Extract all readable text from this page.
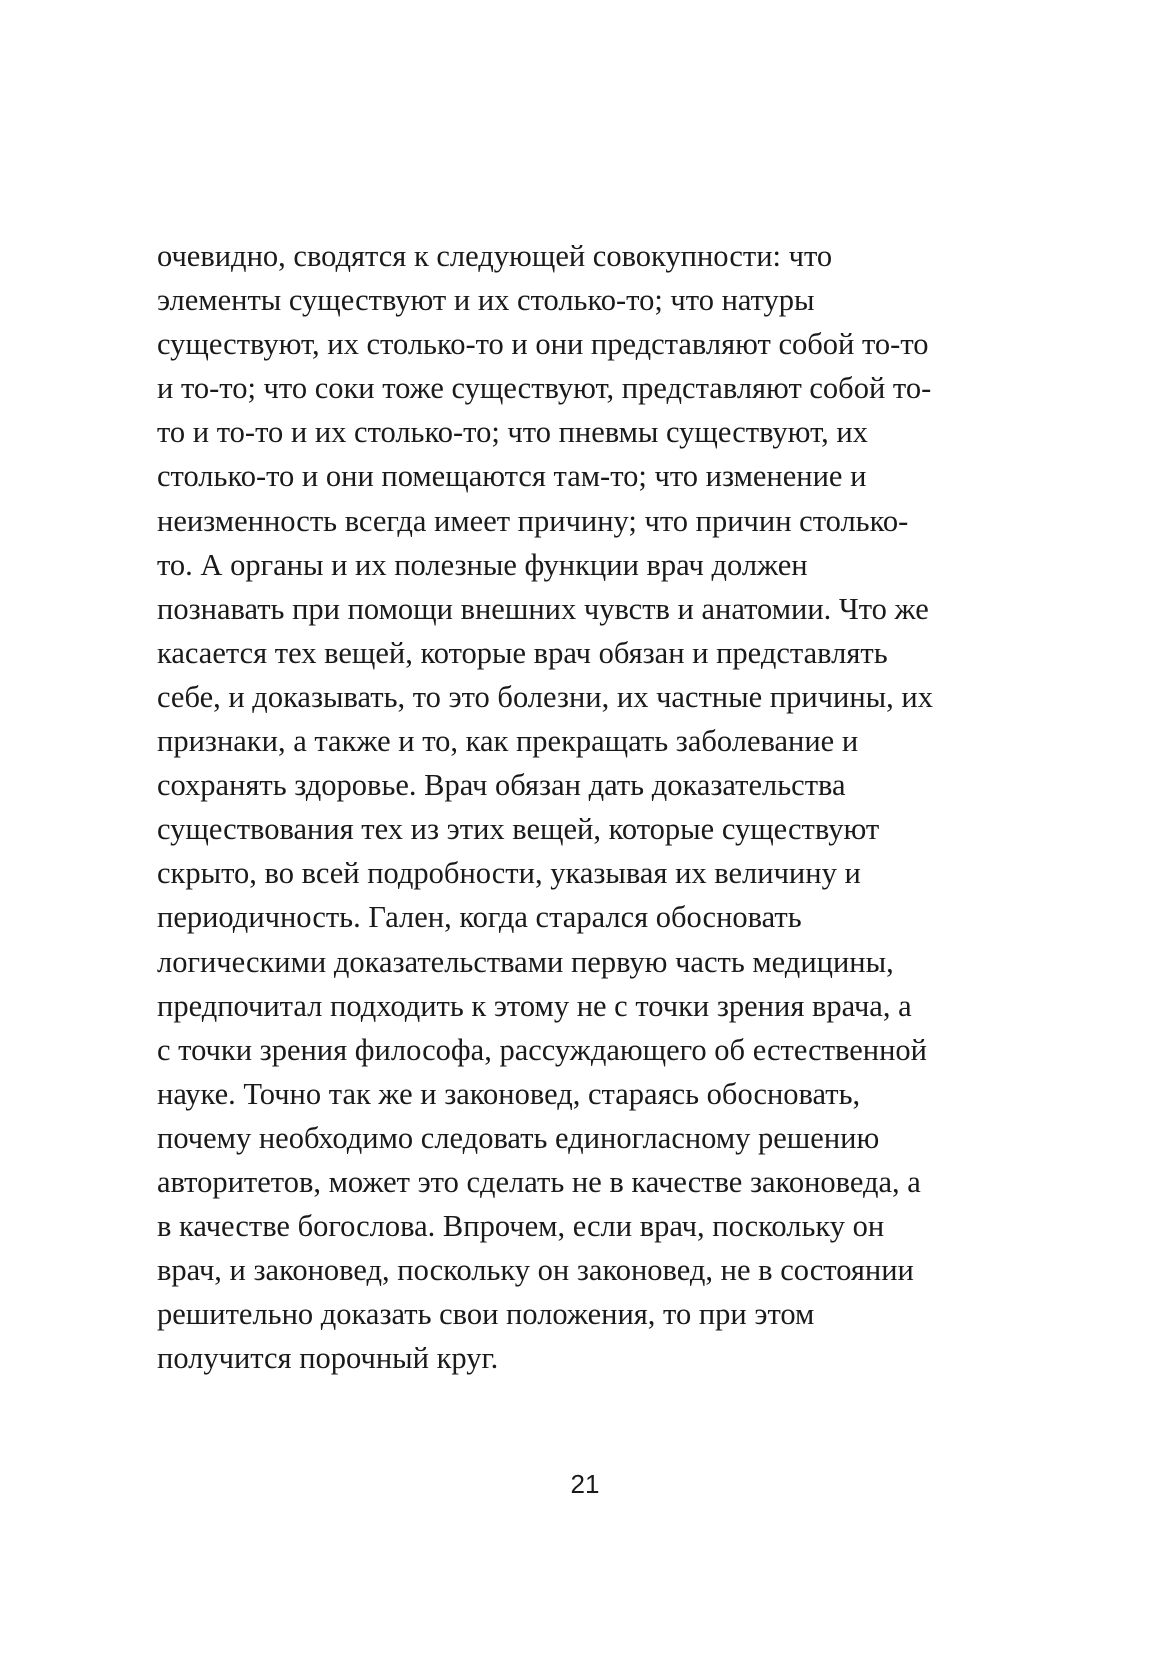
очевидно, сводятся к следующей совокупности: что
элементы существуют и их столько-то; что натуры
существуют, их столько-то и они представляют собой то-то
и то-то; что соки тоже существуют, представляют собой то-
то и то-то и их столько-то; что пневмы существуют, их
столько-то и они помещаются там-то; что изменение и
неизменность всегда имеет причину; что причин столько-
то. А органы и их полезные функции врач должен
познавать при помощи внешних чувств и анатомии. Что же
касается тех вещей, которые врач обязан и представлять
себе, и доказывать, то это болезни, их частные причины, их
признаки, а также и то, как прекращать заболевание и
сохранять здоровье. Врач обязан дать доказательства
существования тех из этих вещей, которые существуют
скрыто, во всей подробности, указывая их величину и
периодичность. Гален, когда старался обосновать
логическими доказательствами первую часть медицины,
предпочитал подходить к этому не с точки зрения врача, а
с точки зрения философа, рассуждающего об естественной
науке. Точно так же и законовед, стараясь обосновать,
почему необходимо следовать единогласному решению
авторитетов, может это сделать не в качестве законоведа, а
в качестве богослова. Впрочем, если врач, поскольку он
врач, и законовед, поскольку он законовед, не в состоянии
решительно доказать свои положения, то при этом
получится порочный круг.

21
